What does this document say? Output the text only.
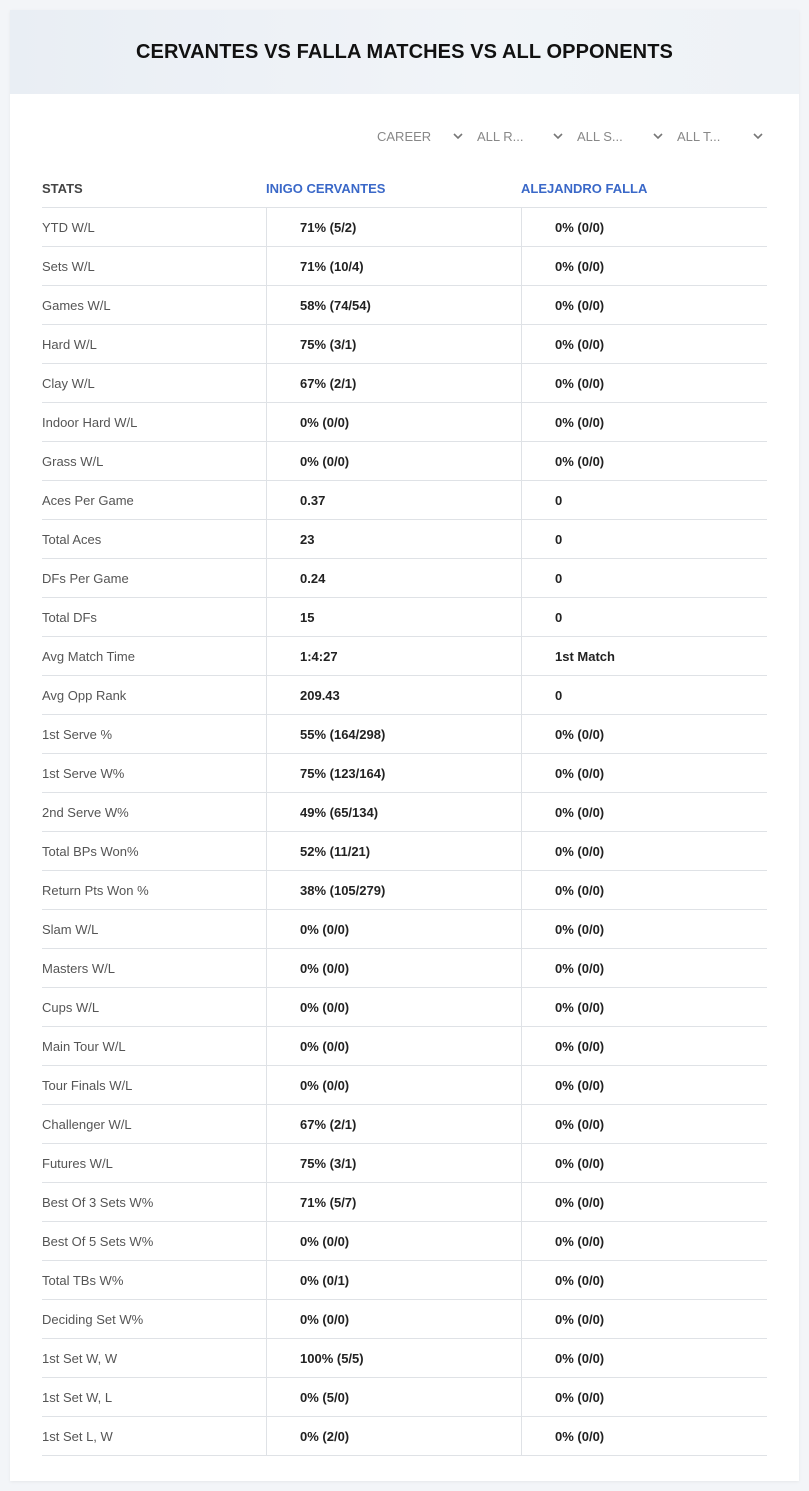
CERVANTES VS FALLA MATCHES VS ALL OPPONENTS
CAREER	ALL R...	ALL S...	ALL T...
STATS	INIGO CERVANTES	ALEJANDRO FALLA
YTD W/L	71% (5/2)	0% (0/0)
Sets W/L	71% (10/4)	0% (0/0)
Games W/L	58% (74/54)	0% (0/0)
Hard W/L	75% (3/1)	0% (0/0)
Clay W/L	67% (2/1)	0% (0/0)
Indoor Hard W/L	0% (0/0)	0% (0/0)
Grass W/L	0% (0/0)	0% (0/0)
Aces Per Game	0.37	0
Total Aces	23	0
DFs Per Game	0.24	0
Total DFs	15	0
Avg Match Time	1:4:27	1st Match
Avg Opp Rank	209.43	0
1st Serve %	55% (164/298)	0% (0/0)
1st Serve W%	75% (123/164)	0% (0/0)
2nd Serve W%	49% (65/134)	0% (0/0)
Total BPs Won%	52% (11/21)	0% (0/0)
Return Pts Won %	38% (105/279)	0% (0/0)
Slam W/L	0% (0/0)	0% (0/0)
Masters W/L	0% (0/0)	0% (0/0)
Cups W/L	0% (0/0)	0% (0/0)
Main Tour W/L	0% (0/0)	0% (0/0)
Tour Finals W/L	0% (0/0)	0% (0/0)
Challenger W/L	67% (2/1)	0% (0/0)
Futures W/L	75% (3/1)	0% (0/0)
Best Of 3 Sets W%	71% (5/7)	0% (0/0)
Best Of 5 Sets W%	0% (0/0)	0% (0/0)
Total TBs W%	0% (0/1)	0% (0/0)
Deciding Set W%	0% (0/0)	0% (0/0)
1st Set W, W	100% (5/5)	0% (0/0)
1st Set W, L	0% (5/0)	0% (0/0)
1st Set L, W	0% (2/0)	0% (0/0)
